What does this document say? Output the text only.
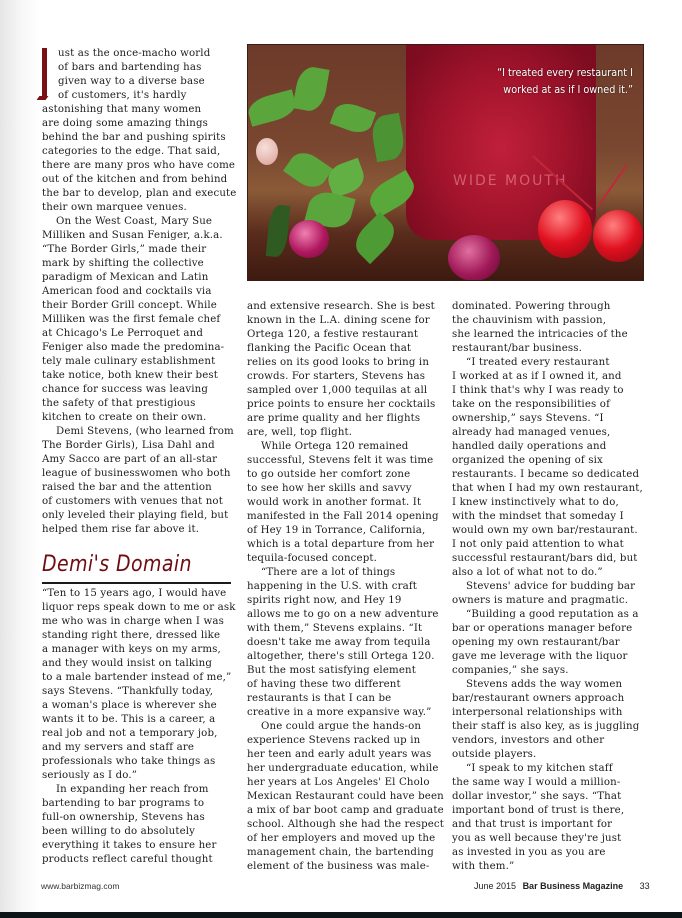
ust as the once-macho world
of bars and bartending has
given way to a diverse base
of customers, it's hardly
astonishing that many women
are doing some amazing things
behind the bar and pushing spirits
categories to the edge. That said,
there are many pros who have come
out of the kitchen and from behind
the bar to develop, plan and execute
their own marquee venues.
On the West Coast, Mary Sue
Milliken and Susan Feniger, a.k.a.
“The Border Girls,” made their
mark by shifting the collective
paradigm of Mexican and Latin
American food and cocktails via
their Border Grill concept. While
Milliken was the first female chef
at Chicago's Le Perroquet and
Feniger also made the predomina-
tely male culinary establishment
take notice, both knew their best
chance for success was leaving
the safety of that prestigious
kitchen to create on their own.
Demi Stevens, (who learned from
The Border Girls), Lisa Dahl and
Amy Sacco are part of an all-star
league of businesswomen who both
raised the bar and the attention
of customers with venues that not
only leveled their playing field, but
helped them rise far above it.
WIDE MOUTH
“I treated every restaurant I
worked at as if I owned it.”
Demi's Domain
“Ten to 15 years ago, I would have
liquor reps speak down to me or ask
me who was in charge when I was
standing right there, dressed like
a manager with keys on my arms,
and they would insist on talking
to a male bartender instead of me,”
says Stevens. “Thankfully today,
a woman's place is wherever she
wants it to be. This is a career, a
real job and not a temporary job,
and my servers and staff are
professionals who take things as
seriously as I do.”
In expanding her reach from
bartending to bar programs to
full-on ownership, Stevens has
been willing to do absolutely
everything it takes to ensure her
products reflect careful thought
and extensive research. She is best
known in the L.A. dining scene for
Ortega 120, a festive restaurant
flanking the Pacific Ocean that
relies on its good looks to bring in
crowds. For starters, Stevens has
sampled over 1,000 tequilas at all
price points to ensure her cocktails
are prime quality and her flights
are, well, top flight.
While Ortega 120 remained
successful, Stevens felt it was time
to go outside her comfort zone
to see how her skills and savvy
would work in another format. It
manifested in the Fall 2014 opening
of Hey 19 in Torrance, California,
which is a total departure from her
tequila-focused concept.
“There are a lot of things
happening in the U.S. with craft
spirits right now, and Hey 19
allows me to go on a new adventure
with them,” Stevens explains. “It
doesn't take me away from tequila
altogether, there's still Ortega 120.
But the most satisfying element
of having these two different
restaurants is that I can be
creative in a more expansive way.”
One could argue the hands-on
experience Stevens racked up in
her teen and early adult years was
her undergraduate education, while
her years at Los Angeles' El Cholo
Mexican Restaurant could have been
a mix of bar boot camp and graduate
school. Although she had the respect
of her employers and moved up the
management chain, the bartending
element of the business was male-
dominated. Powering through
the chauvinism with passion,
she learned the intricacies of the
restaurant/bar business.
“I treated every restaurant
I worked at as if I owned it, and
I think that's why I was ready to
take on the responsibilities of
ownership,” says Stevens. “I
already had managed venues,
handled daily operations and
organized the opening of six
restaurants. I became so dedicated
that when I had my own restaurant,
I knew instinctively what to do,
with the mindset that someday I
would own my own bar/restaurant.
I not only paid attention to what
successful restaurant/bars did, but
also a lot of what not to do.”
Stevens' advice for budding bar
owners is mature and pragmatic.
“Building a good reputation as a
bar or operations manager before
opening my own restaurant/bar
gave me leverage with the liquor
companies,” she says.
Stevens adds the way women
bar/restaurant owners approach
interpersonal relationships with
their staff is also key, as is juggling
vendors, investors and other
outside players.
“I speak to my kitchen staff
the same way I would a million-
dollar investor,” she says. “That
important bond of trust is there,
and that trust is important for
you as well because they're just
as invested in you as you are
with them.”
www.barbizmag.com	June 2015 Bar Business Magazine 33
